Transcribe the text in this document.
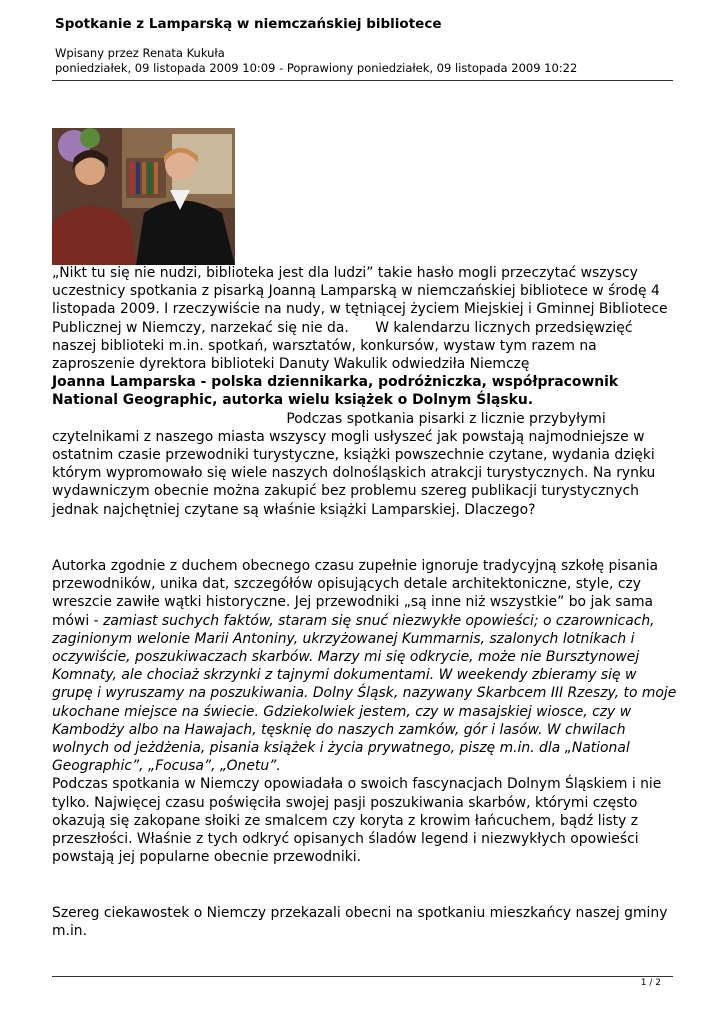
Spotkanie z Lamparską w niemczańskiej bibliotece
Wpisany przez Renata Kukuła
poniedziałek, 09 listopada 2009 10:09 - Poprawiony poniedziałek, 09 listopada 2009 10:22

„Nikt tu się nie nudzi, biblioteka jest dla ludzi” takie hasło mogli przeczytać wszyscy uczestnicy spotkania z pisarką Joanną Lamparską w niemczańskiej bibliotece w środę 4 listopada 2009. I rzeczywiście na nudy, w tętniącej życiem Miejskiej i Gminnej Bibliotece Publicznej w Niemczy, narzekać się nie da. W kalendarzu licznych przedsięwzięć naszej biblioteki m.in. spotkań, warsztatów, konkursów, wystaw tym razem na zaproszenie dyrektora biblioteki Danuty Wakulik odwiedziła Niemczę Joanna Lamparska - polska dziennikarka, podróżniczka, współpracownik National Geographic, autorka wielu książek o Dolnym Śląsku. Podczas spotkania pisarki z licznie przybyłymi czytelnikami z naszego miasta wszyscy mogli usłyszeć jak powstają najmodniejsze w ostatnim czasie przewodniki turystyczne, książki powszechnie czytane, wydania dzięki którym wypromowało się wiele naszych dolnośląskich atrakcji turystycznych. Na rynku wydawniczym obecnie można zakupić bez problemu szereg publikacji turystycznych jednak najchętniej czytane są właśnie książki Lamparskiej. Dlaczego?

Autorka zgodnie z duchem obecnego czasu zupełnie ignoruje tradycyjną szkołę pisania przewodników, unika dat, szczegółów opisujących detale architektoniczne, style, czy wreszcie zawiłe wątki historyczne. Jej przewodniki „są inne niż wszystkie” bo jak sama mówi - zamiast suchych faktów, staram się snuć niezwykłe opowieści; o czarownicach, zaginionym welonie Marii Antoniny, ukrzyżowanej Kummarnis, szalonych lotnikach i oczywiście, poszukiwaczach skarbów. Marzy mi się odkrycie, może nie Bursztynowej Komnaty, ale chociaż skrzynki z tajnymi dokumentami. W weekendy zbieramy się w grupę i wyruszamy na poszukiwania. Dolny Śląsk, nazywany Skarbcem III Rzeszy, to moje ukochane miejsce na świecie. Gdziekolwiek jestem, czy w masajskiej wiosce, czy w Kambodży albo na Hawajach, tęsknię do naszych zamków, gór i lasów. W chwilach wolnych od jeżdżenia, pisania książek i życia prywatnego, piszę m.in. dla „National Geographic”, „Focusa”, „Onetu”.

Podczas spotkania w Niemczy opowiadała o swoich fascynacjach Dolnym Śląskiem i nie tylko. Najwięcej czasu poświęciła swojej pasji poszukiwania skarbów, którymi często okazują się zakopane słoiki ze smalcem czy koryta z krowim łańcuchem, bądź listy z przeszłości. Właśnie z tych odkryć opisanych śladów legend i niezwykłych opowieści powstają jej popularne obecnie przewodniki.

Szereg ciekawostek o Niemczy przekazali obecni na spotkaniu mieszkańcy naszej gminy m.in.

1 / 2
